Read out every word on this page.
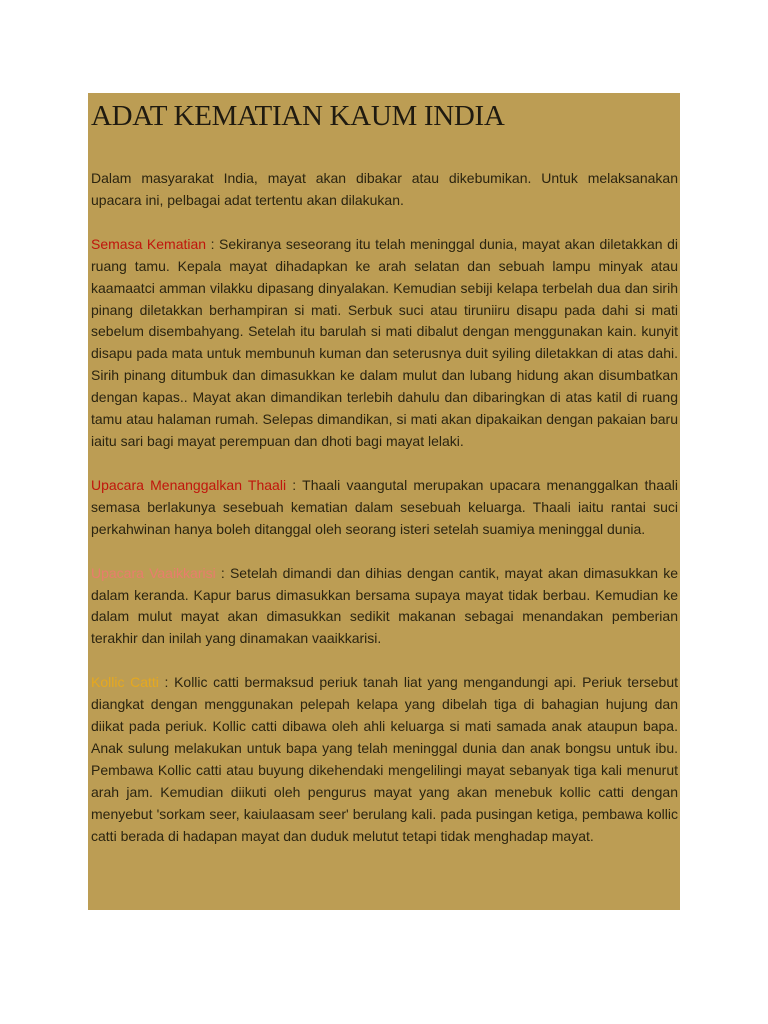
ADAT KEMATIAN KAUM INDIA

Dalam masyarakat India, mayat akan dibakar atau dikebumikan. Untuk melaksanakan upacara ini, pelbagai adat tertentu akan dilakukan.

Semasa Kematian : Sekiranya seseorang itu telah meninggal dunia, mayat akan diletakkan di ruang tamu. Kepala mayat dihadapkan ke arah selatan dan sebuah lampu minyak atau kaamaatci amman vilakku dipasang dinyalakan. Kemudian sebiji kelapa terbelah dua dan sirih pinang diletakkan berhampiran si mati. Serbuk suci atau tiruniiru disapu pada dahi si mati sebelum disembahyang. Setelah itu barulah si mati dibalut dengan menggunakan kain. kunyit disapu pada mata untuk membunuh kuman dan seterusnya duit syiling diletakkan di atas dahi. Sirih pinang ditumbuk dan dimasukkan ke dalam mulut dan lubang hidung akan disumbatkan dengan kapas.. Mayat akan dimandikan terlebih dahulu dan dibaringkan di atas katil di ruang tamu atau halaman rumah. Selepas dimandikan, si mati akan dipakaikan dengan pakaian baru iaitu sari bagi mayat perempuan dan dhoti bagi mayat lelaki.

Upacara Menanggalkan Thaali : Thaali vaangutal merupakan upacara menanggalkan thaali semasa berlakunya sesebuah kematian dalam sesebuah keluarga. Thaali iaitu rantai suci perkahwinan hanya boleh ditanggal oleh seorang isteri setelah suamiya meninggal dunia.

Upacara Vaaikkarisi : Setelah dimandi dan dihias dengan cantik, mayat akan dimasukkan ke dalam keranda. Kapur barus dimasukkan bersama supaya mayat tidak berbau. Kemudian ke dalam mulut mayat akan dimasukkan sedikit makanan sebagai menandakan pemberian terakhir dan inilah yang dinamakan vaaikkarisi.

Kollic Catti : Kollic catti bermaksud periuk tanah liat yang mengandungi api. Periuk tersebut diangkat dengan menggunakan pelepah kelapa yang dibelah tiga di bahagian hujung dan diikat pada periuk. Kollic catti dibawa oleh ahli keluarga si mati samada anak ataupun bapa. Anak sulung melakukan untuk bapa yang telah meninggal dunia dan anak bongsu untuk ibu. Pembawa Kollic catti atau buyung dikehendaki mengelilingi mayat sebanyak tiga kali menurut arah jam. Kemudian diikuti oleh pengurus mayat yang akan menebuk kollic catti dengan menyebut 'sorkam seer, kaiulaasam seer' berulang kali. pada pusingan ketiga, pembawa kollic catti berada di hadapan mayat dan duduk melutut tetapi tidak menghadap mayat.
